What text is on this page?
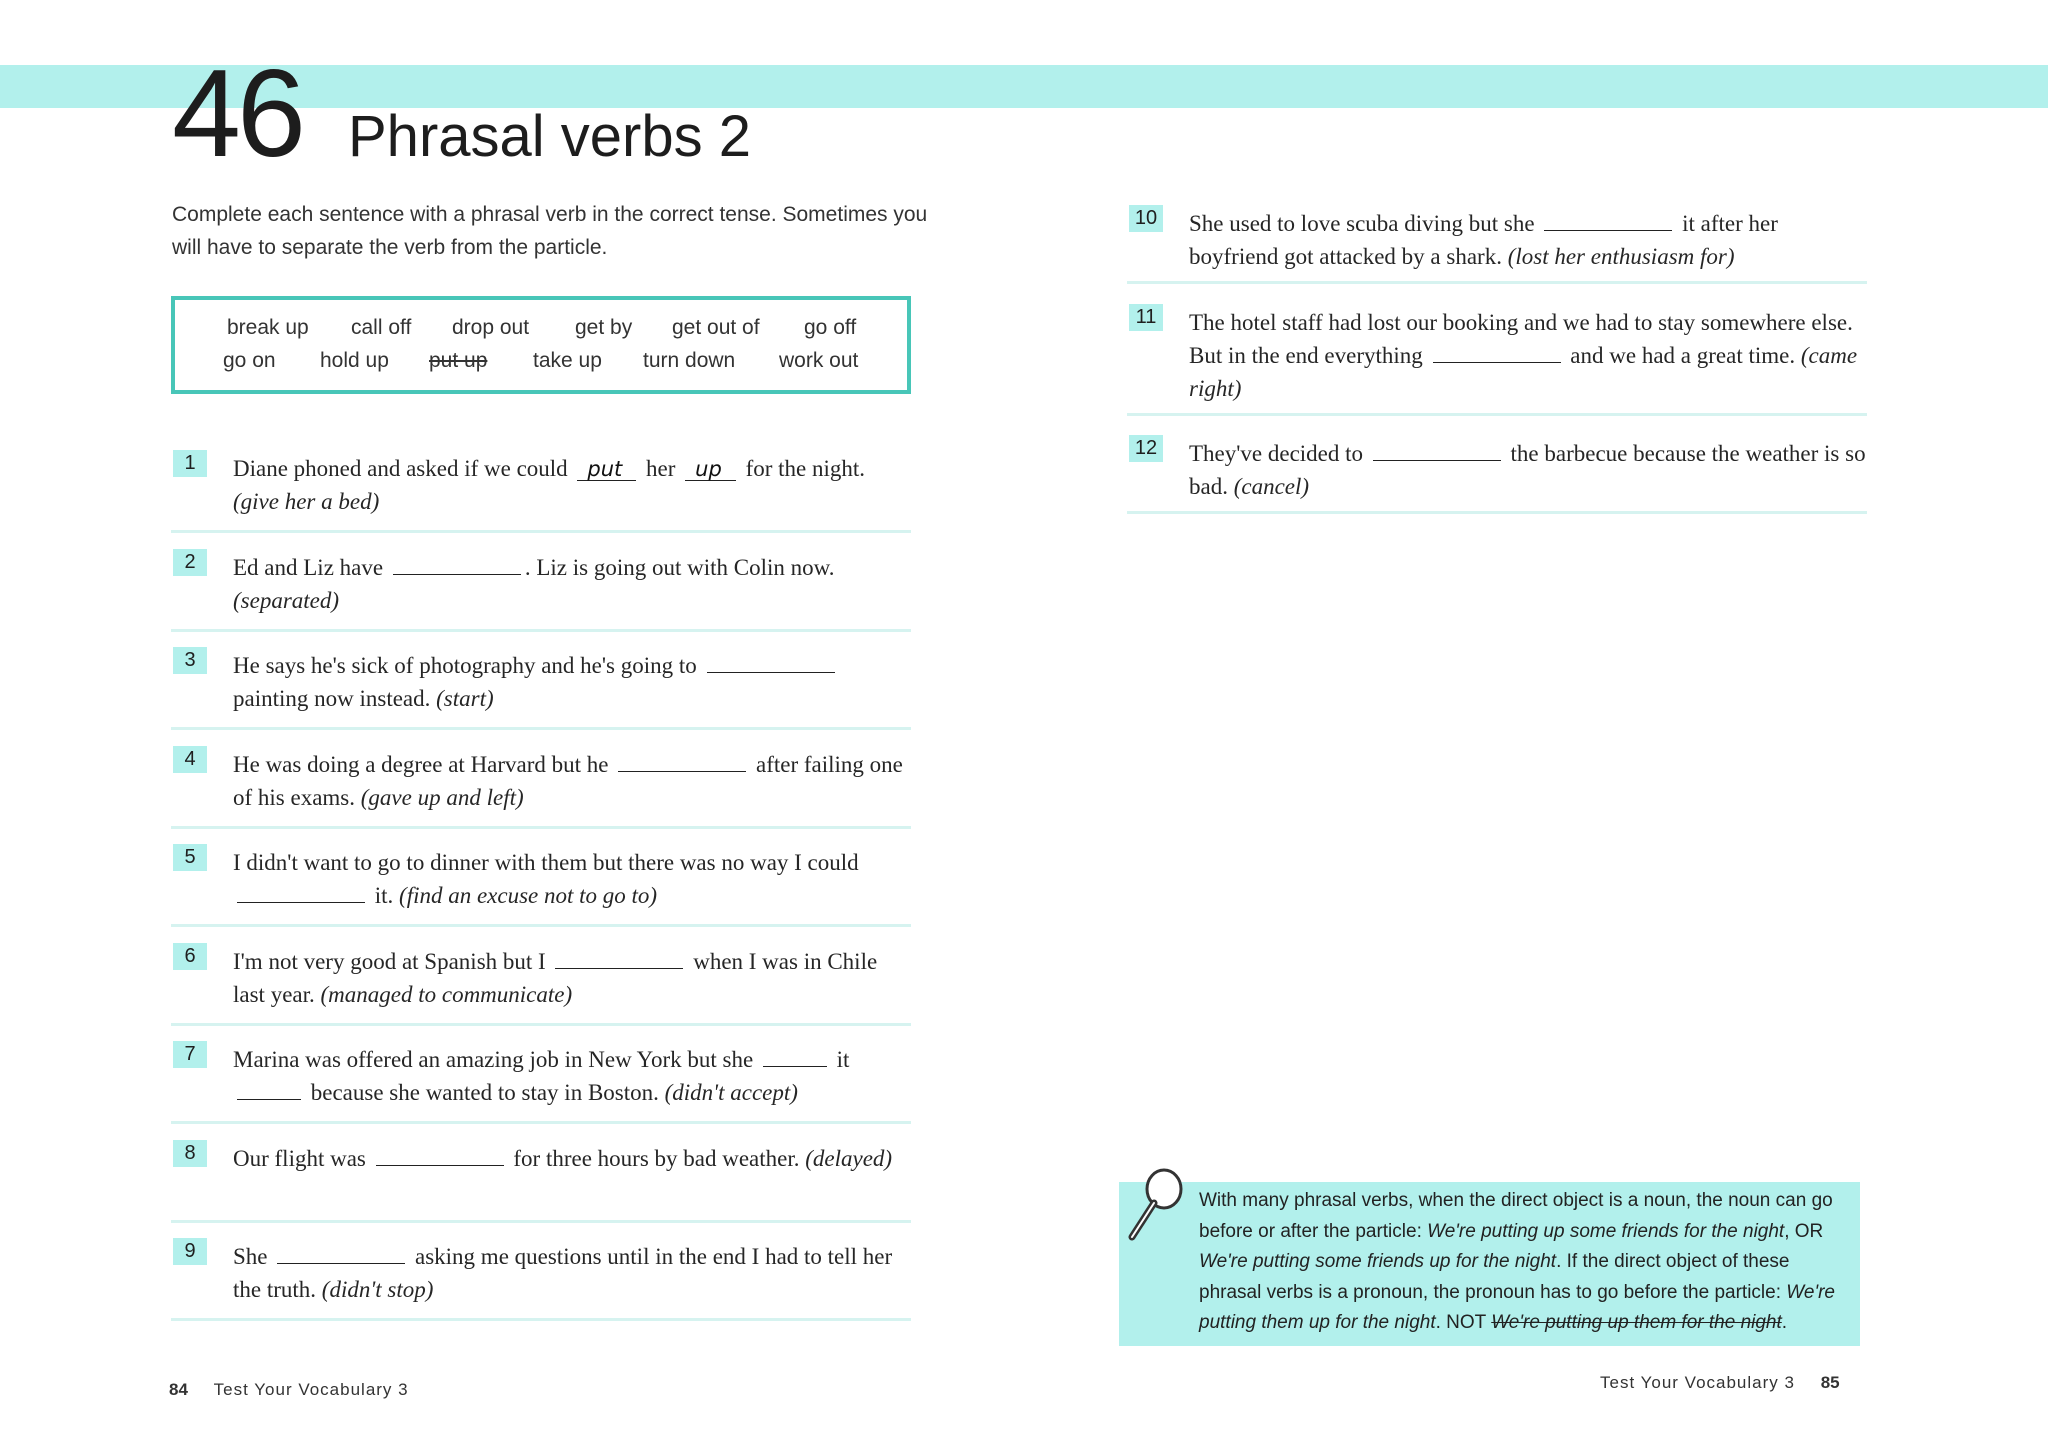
46 Phrasal verbs 2
Complete each sentence with a phrasal verb in the correct tense. Sometimes you will have to separate the verb from the particle.
break up call off drop out get by get out of go off
go on hold up put up take up turn down work out
1	Diane phoned and asked if we could put her up for the night. (give her a bed)
2	Ed and Liz have	. Liz is going out with Colin now. (separated)
3	He says he's sick of photography and he's going to  painting now instead. (start)
4	He was doing a degree at Harvard but he	after failing one of his exams. (gave up and left)
5	I didn't want to go to dinner with them but there was no way I could  it. (find an excuse not to go to)
6	I'm not very good at Spanish but I	when I was in Chile last year. (managed to communicate)
7	Marina was offered an amazing job in New York but she	it  because she wanted to stay in Boston. (didn't accept)
8	Our flight was	for three hours by bad weather. (delayed)
9	She	asking me questions until in the end I had to tell her the truth. (didn't stop)
10 She used to love scuba diving but she	it after her boyfriend got attacked by a shark. (lost her enthusiasm for)
11 The hotel staff had lost our booking and we had to stay somewhere else. But in the end everything	and we had a great time. (came right)
12 They've decided to	the barbecue because the weather is so bad. (cancel)
With many phrasal verbs, when the direct object is a noun, the noun can go before or after the particle: We're putting up some friends for the night, OR We're putting some friends up for the night. If the direct object of these phrasal verbs is a pronoun, the pronoun has to go before the particle: We're putting them up for the night. NOT We're putting up them for the night.
84 Test Your Vocabulary 3	Test Your Vocabulary 3 85
